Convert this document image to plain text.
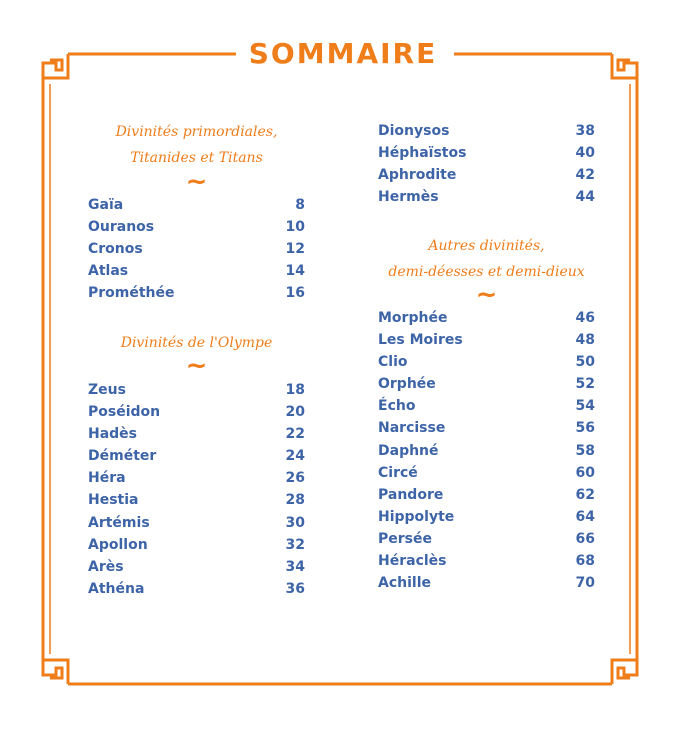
SOMMAIRE
Divinités primordiales,
Titanides et Titans
~
Gaïa	8
Ouranos	10
Cronos	12
Atlas	14
Prométhée	16
Divinités de l'Olympe
~
Zeus	18
Poséidon	20
Hadès	22
Déméter	24
Héra	26
Hestia	28
Artémis	30
Apollon	32
Arès	34
Athéna	36
Dionysos	38
Héphaïstos	40
Aphrodite	42
Hermès	44
Autres divinités,
demi-déesses et demi-dieux
~
Morphée	46
Les Moires	48
Clio	50
Orphée	52
Écho	54
Narcisse	56
Daphné	58
Circé	60
Pandore	62
Hippolyte	64
Persée	66
Héraclès	68
Achille	70
